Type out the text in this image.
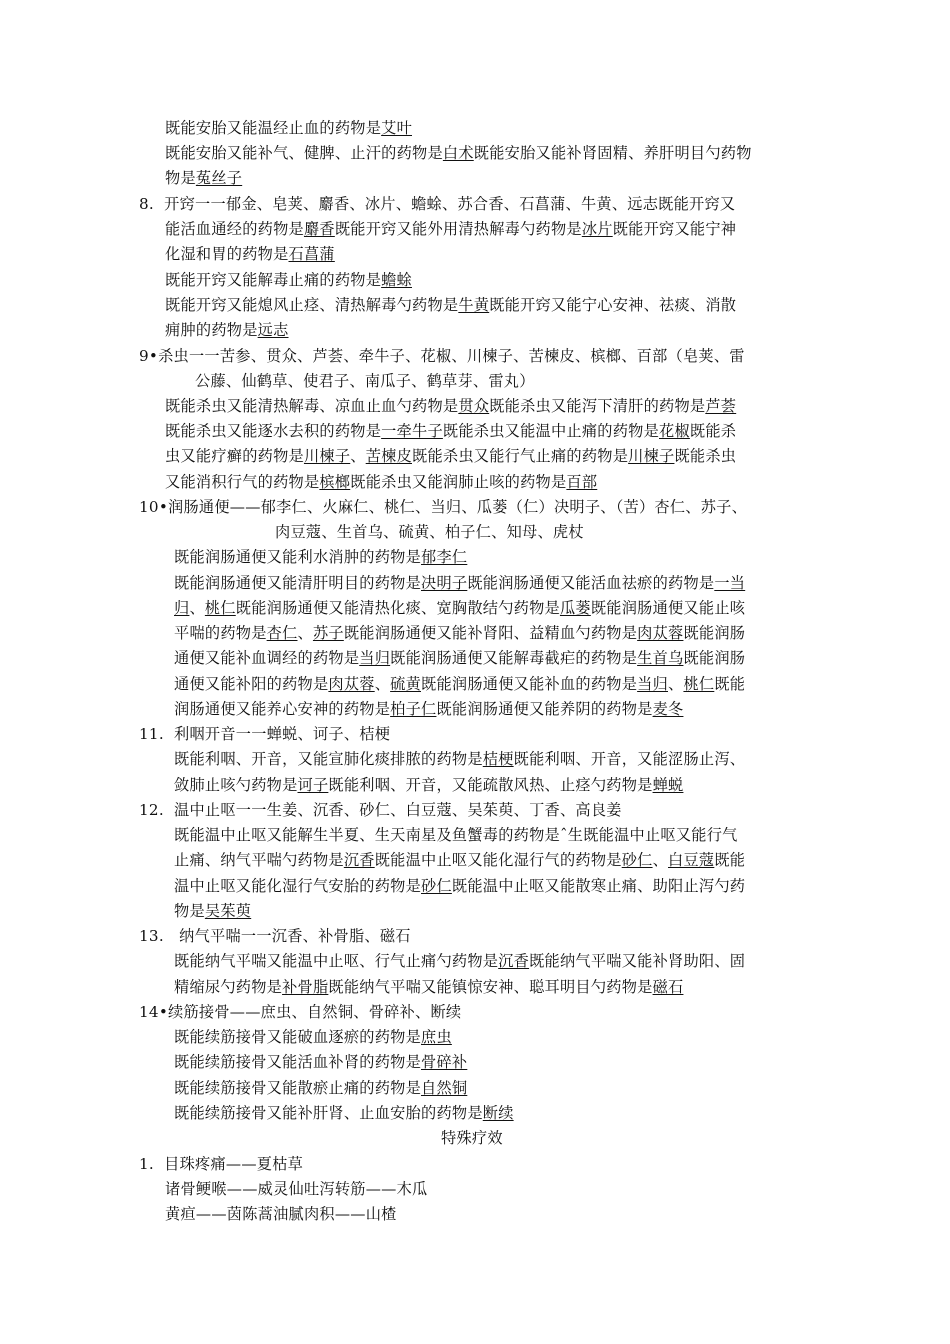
既能安胎又能温经止血的药物是艾叶
既能安胎又能补气、健脾、止汗的药物是白术既能安胎又能补肾固精、养肝明目勺药物
物是菟丝子
8.  开窍一一郁金、皂荚、麝香、冰片、蟾蜍、苏合香、石菖蒲、牛黄、远志既能开窍又
能活血通经的药物是麝香既能开窍又能外用清热解毒勺药物是冰片既能开窍又能宁神
化湿和胃的药物是石菖蒲
既能开窍又能解毒止痛的药物是蟾蜍
既能开窍又能熄风止痉、清热解毒勺药物是牛黄既能开窍又能宁心安神、祛痰、消散
痈肿的药物是远志
9•杀虫一一苦参、贯众、芦荟、牵牛子、花椒、川楝子、苦楝皮、槟榔、百部（皂荚、雷
公藤、仙鹤草、使君子、南瓜子、鹤草芽、雷丸）
既能杀虫又能清热解毒、凉血止血勺药物是贯众既能杀虫又能泻下清肝的药物是芦荟
既能杀虫又能逐水去积的药物是一牵牛子既能杀虫又能温中止痛的药物是花椒既能杀
虫又能疗癣的药物是川楝子、苦楝皮既能杀虫又能行气止痛的药物是川楝子既能杀虫
又能消积行气的药物是槟榔既能杀虫又能润肺止咳的药物是百部
10•润肠通便——郁李仁、火麻仁、桃仁、当归、瓜蒌（仁）决明子、（苦）杏仁、苏子、
肉豆蔻、生首乌、硫黄、柏子仁、知母、虎杖
既能润肠通便又能利水消肿的药物是郁李仁
既能润肠通便又能清肝明目的药物是决明子既能润肠通便又能活血祛瘀的药物是一当
归、桃仁既能润肠通便又能清热化痰、宽胸散结勺药物是瓜蒌既能润肠通便又能止咳
平喘的药物是杏仁、苏子既能润肠通便又能补肾阳、益精血勺药物是肉苁蓉既能润肠
通便又能补血调经的药物是当归既能润肠通便又能解毒截疟的药物是生首乌既能润肠
通便又能补阳的药物是肉苁蓉、硫黄既能润肠通便又能补血的药物是当归、桃仁既能
润肠通便又能养心安神的药物是柏子仁既能润肠通便又能养阴的药物是麦冬
11.  利咽开音一一蝉蜕、诃子、桔梗
既能利咽、开音，又能宣肺化痰排脓的药物是桔梗既能利咽、开音，又能涩肠止泻、
敛肺止咳勺药物是诃子既能利咽、开音，又能疏散风热、止痉勺药物是蝉蜕
12.  温中止呕一一生姜、沉香、砂仁、白豆蔻、吴茱萸、丁香、高良姜
既能温中止呕又能解生半夏、生天南星及鱼蟹毒的药物是ˆ生既能温中止呕又能行气
止痛、纳气平喘勺药物是沉香既能温中止呕又能化湿行气的药物是砂仁、白豆蔻既能
温中止呕又能化湿行气安胎的药物是砂仁既能温中止呕又能散寒止痛、助阳止泻勺药
物是吴茱萸
13.   纳气平喘一一沉香、补骨脂、磁石
既能纳气平喘又能温中止呕、行气止痛勺药物是沉香既能纳气平喘又能补肾助阳、固
精缩尿勺药物是补骨脂既能纳气平喘又能镇惊安神、聪耳明目勺药物是磁石
14•续筋接骨——庶虫、自然铜、骨碎补、断续
既能续筋接骨又能破血逐瘀的药物是庶虫
既能续筋接骨又能活血补肾的药物是骨碎补
既能续筋接骨又能散瘀止痛的药物是自然铜
既能续筋接骨又能补肝肾、止血安胎的药物是断续
特殊疗效
1.  目珠疼痛——夏枯草
诸骨鲠喉——威灵仙吐泻转筋——木瓜
黄疸——茵陈蒿油腻肉积——山楂
